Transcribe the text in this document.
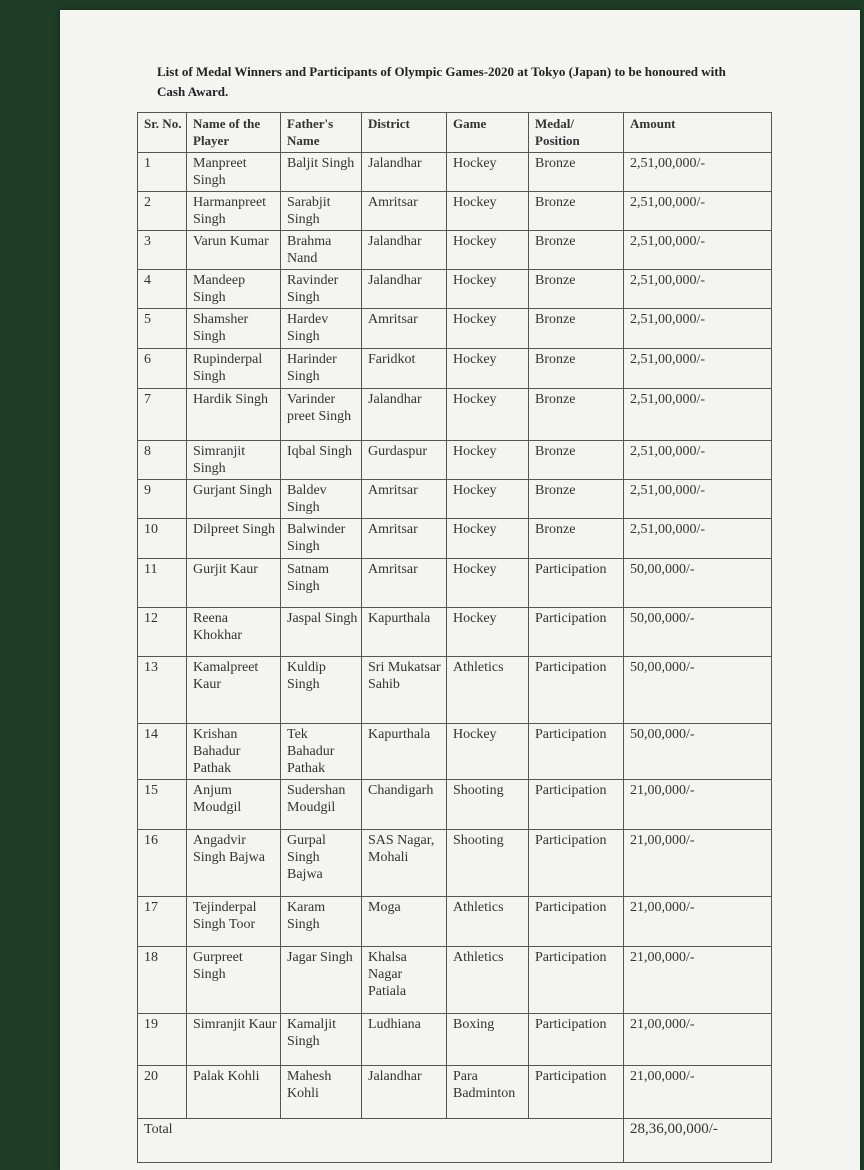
List of Medal Winners and Participants of Olympic Games-2020 at Tokyo (Japan) to be honoured with Cash Award.
Sr. No.	Name of the Player	Father's Name	District	Game	Medal/ Position	Amount
1	Manpreet Singh	Baljit Singh	Jalandhar	Hockey	Bronze	2,51,00,000/-
2	Harmanpreet Singh	Sarabjit Singh	Amritsar	Hockey	Bronze	2,51,00,000/-
3	Varun Kumar	Brahma Nand	Jalandhar	Hockey	Bronze	2,51,00,000/-
4	Mandeep Singh	Ravinder Singh	Jalandhar	Hockey	Bronze	2,51,00,000/-
5	Shamsher Singh	Hardev Singh	Amritsar	Hockey	Bronze	2,51,00,000/-
6	Rupinderpal Singh	Harinder Singh	Faridkot	Hockey	Bronze	2,51,00,000/-
7	Hardik Singh	Varinder preet Singh	Jalandhar	Hockey	Bronze	2,51,00,000/-
8	Simranjit Singh	Iqbal Singh	Gurdaspur	Hockey	Bronze	2,51,00,000/-
9	Gurjant Singh	Baldev Singh	Amritsar	Hockey	Bronze	2,51,00,000/-
10	Dilpreet Singh	Balwinder Singh	Amritsar	Hockey	Bronze	2,51,00,000/-
11	Gurjit Kaur	Satnam Singh	Amritsar	Hockey	Participation	50,00,000/-
12	Reena Khokhar	Jaspal Singh	Kapurthala	Hockey	Participation	50,00,000/-
13	Kamalpreet Kaur	Kuldip Singh	Sri Mukatsar Sahib	Athletics	Participation	50,00,000/-
14	Krishan Bahadur Pathak	Tek Bahadur Pathak	Kapurthala	Hockey	Participation	50,00,000/-
15	Anjum Moudgil	Sudershan Moudgil	Chandigarh	Shooting	Participation	21,00,000/-
16	Angadvir Singh Bajwa	Gurpal Singh Bajwa	SAS Nagar, Mohali	Shooting	Participation	21,00,000/-
17	Tejinderpal Singh Toor	Karam Singh	Moga	Athletics	Participation	21,00,000/-
18	Gurpreet Singh	Jagar Singh	Khalsa Nagar Patiala	Athletics	Participation	21,00,000/-
19	Simranjit Kaur	Kamaljit Singh	Ludhiana	Boxing	Participation	21,00,000/-
20	Palak Kohli	Mahesh Kohli	Jalandhar	Para Badminton	Participation	21,00,000/-
Total						28,36,00,000/-
